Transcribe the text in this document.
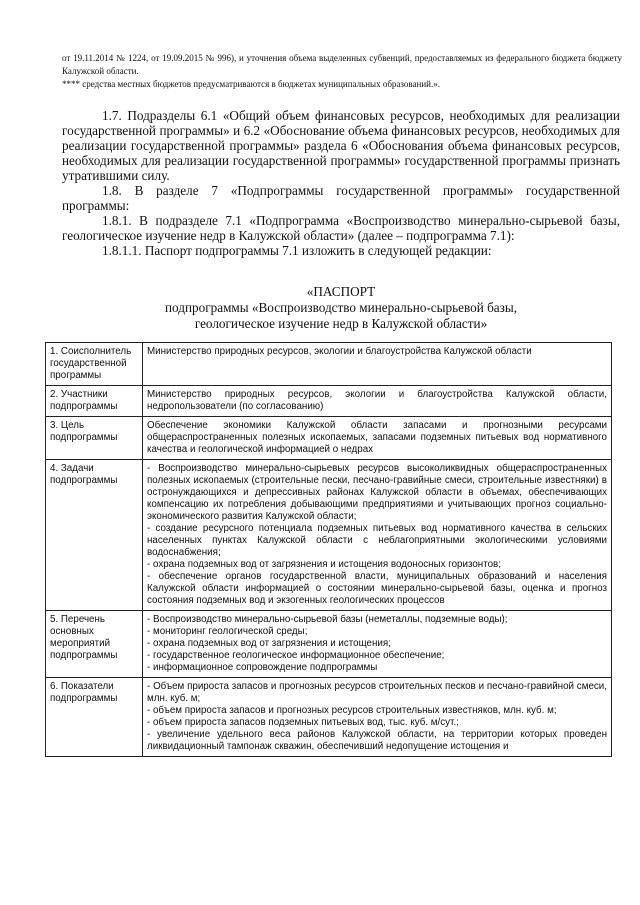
от 19.11.2014 № 1224, от 19.09.2015 № 996), и уточнения объема выделенных субвенций, предоставляемых из федерального бюджета бюджету Калужской области.

**** средства местных бюджетов предусматриваются в бюджетах муниципальных образований.».

1.7. Подразделы 6.1 «Общий объем финансовых ресурсов, необходимых для реализации государственной программы» и 6.2 «Обоснование объема финансовых ресурсов, необходимых для реализации государственной программы» раздела 6 «Обоснования объема финансовых ресурсов, необходимых для реализации государственной программы» государственной программы признать утратившими силу.

1.8. В разделе 7 «Подпрограммы государственной программы» государственной программы:

1.8.1. В подразделе 7.1 «Подпрограмма «Воспроизводство минерально-сырьевой базы, геологическое изучение недр в Калужской области» (далее – подпрограмма 7.1):

1.8.1.1. Паспорт подпрограммы 7.1 изложить в следующей редакции:

«ПАСПОРТ
подпрограммы «Воспроизводство минерально-сырьевой базы,
геологическое изучение недр в Калужской области»
1. Соисполнитель государственной программы	Министерство природных ресурсов, экологии и благоустройства Калужской области

2. Участники подпрограммы	Министерство природных ресурсов, экологии и благоустройства Калужской области, недропользователи (по согласованию)

3. Цель подпрограммы	Обеспечение экономики Калужской области запасами и прогнозными ресурсами общераспространенных полезных ископаемых, запасами подземных питьевых вод нормативного качества и геологической информацией о недрах

4. Задачи подпрограммы	- Воспроизводство минерально-сырьевых ресурсов высоколиквидных общераспространенных полезных ископаемых (строительные пески, песчано-гравийные смеси, строительные известняки) в остронуждающихся и депрессивных районах Калужской области в объемах, обеспечивающих компенсацию их потребления добывающими предприятиями и учитывающих прогноз социально-экономического развития Калужской области;

- создание ресурсного потенциала подземных питьевых вод нормативного качества в сельских населенных пунктах Калужской области с неблагоприятными экологическими условиями водоснабжения;

- охрана подземных вод от загрязнения и истощения водоносных горизонтов;

- обеспечение органов государственной власти, муниципальных образований и населения Калужской области информацией о состоянии минерально-сырьевой базы, оценка и прогноз состояния подземных вод и экзогенных геологических процессов

5. Перечень основных мероприятий подпрограммы	- Воспроизводство минерально-сырьевой базы (неметаллы, подземные воды);

- мониторинг геологической среды;

- охрана подземных вод от загрязнения и истощения;

- государственное геологическое информационное обеспечение;

- информационное сопровождение подпрограммы

6. Показатели подпрограммы	- Объем прироста запасов и прогнозных ресурсов строительных песков и песчано-гравийной смеси, млн. куб. м;

- объем прироста запасов и прогнозных ресурсов строительных известняков, млн. куб. м;

- объем прироста запасов подземных питьевых вод, тыс. куб. м/сут.;

- увеличение удельного веса районов Калужской области, на территории которых проведен ликвидационный тампонаж скважин, обеспечивший недопущение истощения и
